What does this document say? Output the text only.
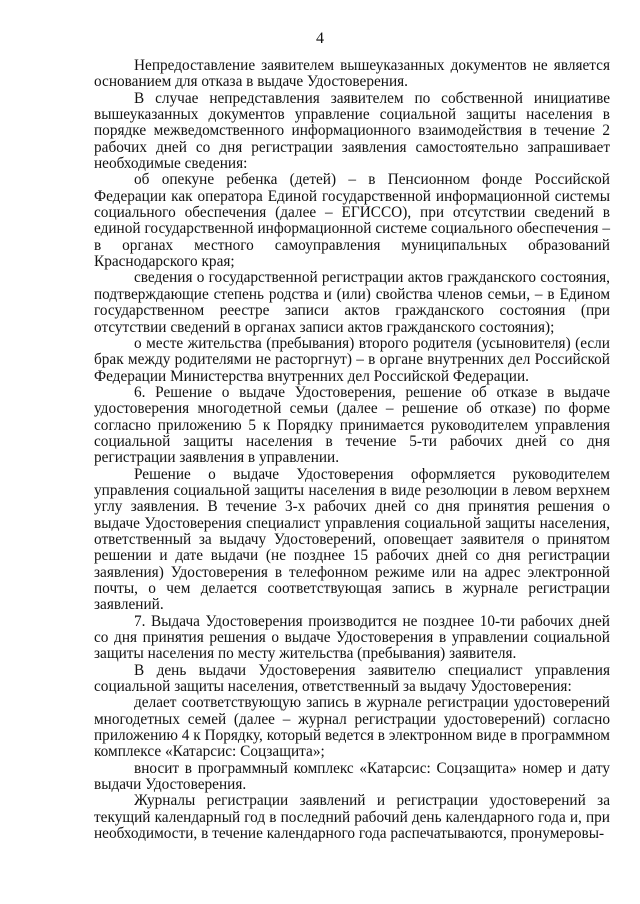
4

Непредоставление заявителем вышеуказанных документов не является основанием для отказа в выдаче Удостоверения.

В случае непредставления заявителем по собственной инициативе вышеуказанных документов управление социальной защиты населения в порядке межведомственного информационного взаимодействия в течение 2 рабочих дней со дня регистрации заявления самостоятельно запрашивает необходимые сведения:

об опекуне ребенка (детей) – в Пенсионном фонде Российской Федерации как оператора Единой государственной информационной системы социального обеспечения (далее – ЕГИССО), при отсутствии сведений в единой государственной информационной системе социального обеспечения – в органах местного самоуправления муниципальных образований Краснодарского края;

сведения о государственной регистрации актов гражданского состояния, подтверждающие степень родства и (или) свойства членов семьи, – в Едином государственном реестре записи актов гражданского состояния (при отсутствии сведений в органах записи актов гражданского состояния);

о месте жительства (пребывания) второго родителя (усыновителя) (если брак между родителями не расторгнут) – в органе внутренних дел Российской Федерации Министерства внутренних дел Российской Федерации.

6. Решение о выдаче Удостоверения, решение об отказе в выдаче удостоверения многодетной семьи (далее – решение об отказе) по форме согласно приложению 5 к Порядку принимается руководителем управления социальной защиты населения в течение 5-ти рабочих дней со дня регистрации заявления в управлении.

Решение о выдаче Удостоверения оформляется руководителем управления социальной защиты населения в виде резолюции в левом верхнем углу заявления. В течение 3-х рабочих дней со дня принятия решения о выдаче Удостоверения специалист управления социальной защиты населения, ответственный за выдачу Удостоверений, оповещает заявителя о принятом решении и дате выдачи (не позднее 15 рабочих дней со дня регистрации заявления) Удостоверения в телефонном режиме или на адрес электронной почты, о чем делается соответствующая запись в журнале регистрации заявлений.

7. Выдача Удостоверения производится не позднее 10-ти рабочих дней со дня принятия решения о выдаче Удостоверения в управлении социальной защиты населения по месту жительства (пребывания) заявителя.

В день выдачи Удостоверения заявителю специалист управления социальной защиты населения, ответственный за выдачу Удостоверения:

делает соответствующую запись в журнале регистрации удостоверений многодетных семей (далее – журнал регистрации удостоверений) согласно приложению 4 к Порядку, который ведется в электронном виде в программном комплексе «Катарсис: Соцзащита»;

вносит в программный комплекс «Катарсис: Соцзащита» номер и дату выдачи Удостоверения.

Журналы регистрации заявлений и регистрации удостоверений за текущий календарный год в последний рабочий день календарного года и, при необходимости, в течение календарного года распечатываются, пронумеровы-
